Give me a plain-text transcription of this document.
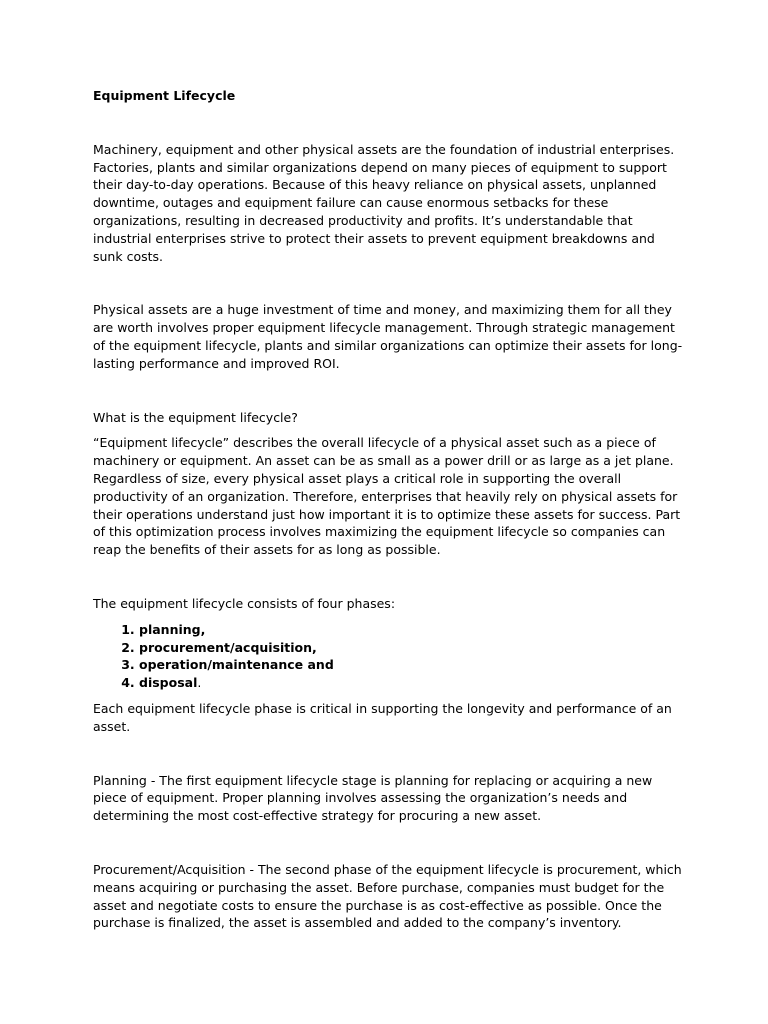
Equipment Lifecycle

Machinery, equipment and other physical assets are the foundation of industrial enterprises. Factories, plants and similar organizations depend on many pieces of equipment to support their day-to-day operations. Because of this heavy reliance on physical assets, unplanned downtime, outages and equipment failure can cause enormous setbacks for these organizations, resulting in decreased productivity and profits. It’s understandable that industrial enterprises strive to protect their assets to prevent equipment breakdowns and sunk costs.

Physical assets are a huge investment of time and money, and maximizing them for all they are worth involves proper equipment lifecycle management. Through strategic management of the equipment lifecycle, plants and similar organizations can optimize their assets for long-lasting performance and improved ROI.

What is the equipment lifecycle?

“Equipment lifecycle” describes the overall lifecycle of a physical asset such as a piece of machinery or equipment. An asset can be as small as a power drill or as large as a jet plane. Regardless of size, every physical asset plays a critical role in supporting the overall productivity of an organization. Therefore, enterprises that heavily rely on physical assets for their operations understand just how important it is to optimize these assets for success. Part of this optimization process involves maximizing the equipment lifecycle so companies can reap the benefits of their assets for as long as possible.

The equipment lifecycle consists of four phases:

1. planning,
2. procurement/acquisition,
3. operation/maintenance and
4. disposal.

Each equipment lifecycle phase is critical in supporting the longevity and performance of an asset.

Planning - The first equipment lifecycle stage is planning for replacing or acquiring a new piece of equipment. Proper planning involves assessing the organization’s needs and determining the most cost-effective strategy for procuring a new asset.

Procurement/Acquisition - The second phase of the equipment lifecycle is procurement, which means acquiring or purchasing the asset. Before purchase, companies must budget for the asset and negotiate costs to ensure the purchase is as cost-effective as possible. Once the purchase is finalized, the asset is assembled and added to the company’s inventory.
